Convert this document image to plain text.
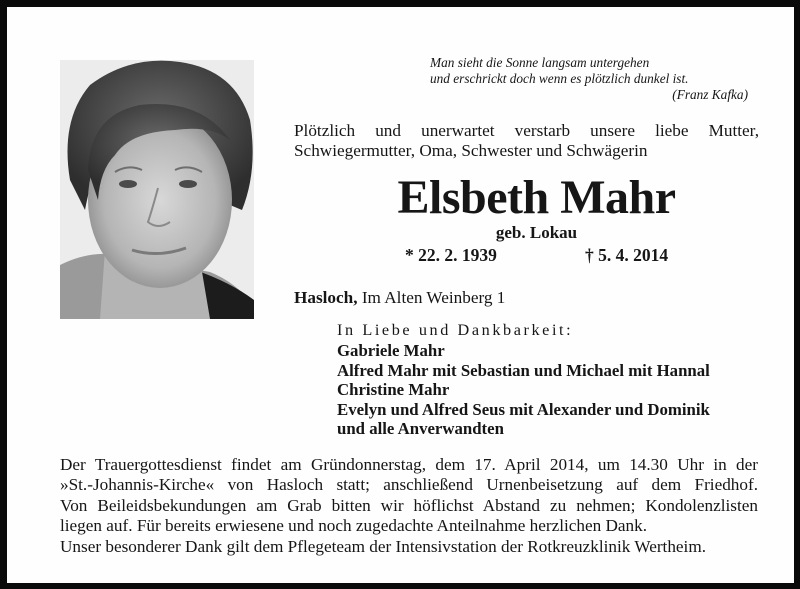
Man sieht die Sonne langsam untergehen
und erschrickt doch wenn es plötzlich dunkel ist.
(Franz Kafka)
Plötzlich und unerwartet verstarb unsere liebe Mutter,
Schwiegermutter, Oma, Schwester und Schwägerin
Elsbeth Mahr
geb. Lokau
* 22. 2. 1939	† 5. 4. 2014
Hasloch, Im Alten Weinberg 1
In Liebe und Dankbarkeit:
Gabriele Mahr
Alfred Mahr mit Sebastian und Michael mit Hannal
Christine Mahr
Evelyn und Alfred Seus mit Alexander und Dominik
und alle Anverwandten
Der Trauergottesdienst findet am Gründonnerstag, dem 17. April 2014, um 14.30 Uhr in der
»St.-Johannis-Kirche« von Hasloch statt; anschließend Urnenbeisetzung auf dem Friedhof.
Von Beileidsbekundungen am Grab bitten wir höflichst Abstand zu nehmen; Kondolenzlisten
liegen auf. Für bereits erwiesene und noch zugedachte Anteilnahme herzlichen Dank.
Unser besonderer Dank gilt dem Pflegeteam der Intensivstation der Rotkreuzklinik Wertheim.
